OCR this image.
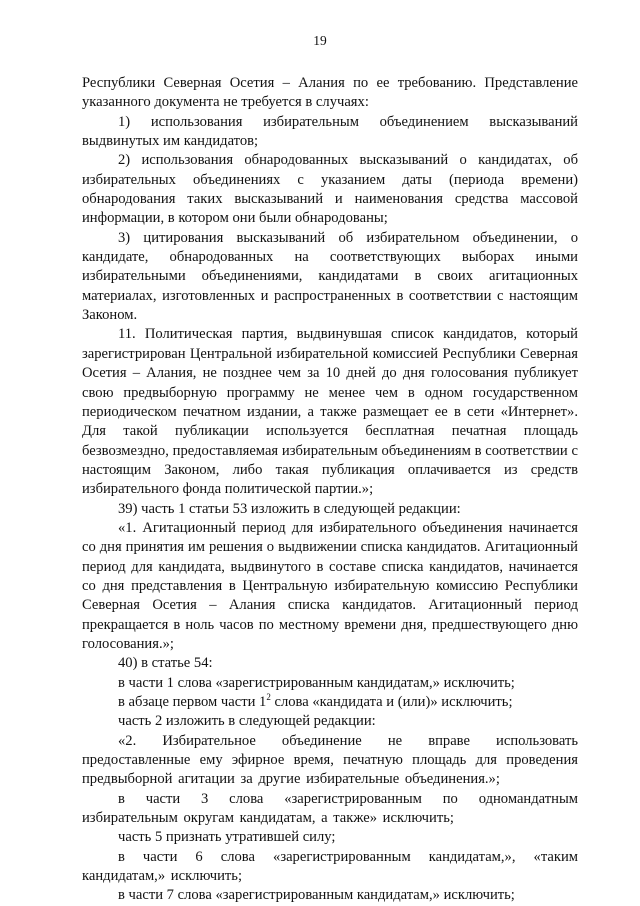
19

Республики Северная Осетия – Алания по ее требованию. Представление указанного документа не требуется в случаях:

1) использования избирательным объединением высказываний выдвинутых им кандидатов;

2) использования обнародованных высказываний о кандидатах, об избирательных объединениях с указанием даты (периода времени) обнародования таких высказываний и наименования средства массовой информации, в котором они были обнародованы;

3) цитирования высказываний об избирательном объединении, о кандидате, обнародованных на соответствующих выборах иными избирательными объединениями, кандидатами в своих агитационных материалах, изготовленных и распространенных в соответствии с настоящим Законом.

11. Политическая партия, выдвинувшая список кандидатов, который зарегистрирован Центральной избирательной комиссией Республики Северная Осетия – Алания, не позднее чем за 10 дней до дня голосования публикует свою предвыборную программу не менее чем в одном государственном периодическом печатном издании, а также размещает ее в сети «Интернет». Для такой публикации используется бесплатная печатная площадь безвозмездно, предоставляемая избирательным объединениям в соответствии с настоящим Законом, либо такая публикация оплачивается из средств избирательного фонда политической партии.»;

39) часть 1 статьи 53 изложить в следующей редакции:

«1. Агитационный период для избирательного объединения начинается со дня принятия им решения о выдвижении списка кандидатов. Агитационный период для кандидата, выдвинутого в составе списка кандидатов, начинается со дня представления в Центральную избирательную комиссию Республики Северная Осетия – Алания списка кандидатов. Агитационный период прекращается в ноль часов по местному времени дня, предшествующего дню голосования.»;

40) в статье 54:

в части 1 слова «зарегистрированным кандидатам,» исключить;

в абзаце первом части $1^2$ слова «кандидата и (или)» исключить;

часть 2 изложить в следующей редакции:

«2. Избирательное объединение не вправе использовать предоставленные ему эфирное время, печатную площадь для проведения предвыборной агитации за другие избирательные объединения.»;

в части 3 слова «зарегистрированным по одномандатным избирательным округам кандидатам, а также» исключить;

часть 5 признать утратившей силу;

в части 6 слова «зарегистрированным кандидатам,», «таким кандидатам,» исключить;

в части 7 слова «зарегистрированным кандидатам,» исключить;
